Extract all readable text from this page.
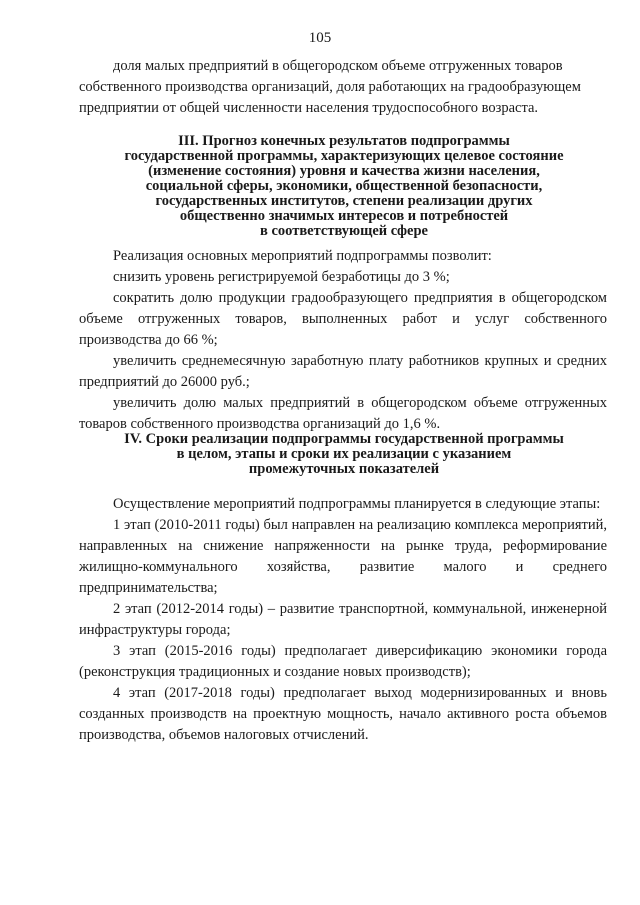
105

доля малых предприятий в общегородском объеме отгруженных товаров

собственного производства организаций, доля работающих на градообразующем

предприятии от общей численности населения трудоспособного возраста.

III. Прогноз конечных результатов подпрограммы

государственной программы, характеризующих целевое состояние

(изменение состояния) уровня и качества жизни населения,

социальной сферы, экономики, общественной безопасности,

государственных институтов, степени реализации других

общественно значимых интересов и потребностей

в соответствующей сфере

Реализация основных мероприятий подпрограммы позволит:

снизить уровень регистрируемой безработицы до 3 %;

сократить долю продукции градообразующего предприятия в общегородском объеме отгруженных товаров, выполненных работ и услуг собственного производства до 66 %;

увеличить среднемесячную заработную плату работников крупных и средних предприятий до 26000 руб.;

увеличить долю малых предприятий в общегородском объеме отгруженных товаров собственного производства организаций до 1,6 %.

IV. Сроки реализации подпрограммы государственной программы

в целом, этапы и сроки их реализации с указанием

промежуточных показателей

Осуществление мероприятий подпрограммы планируется в следующие этапы:

1 этап (2010-2011 годы) был направлен на реализацию комплекса мероприятий, направленных на снижение напряженности на рынке труда, реформирование жилищно-коммунального хозяйства, развитие малого и среднего предпринимательства;

2 этап (2012-2014 годы) – развитие транспортной, коммунальной, инженерной инфраструктуры города;

3 этап (2015-2016 годы) предполагает диверсификацию экономики города (реконструкция традиционных и создание новых производств);

4 этап (2017-2018 годы) предполагает выход модернизированных и вновь созданных производств на проектную мощность, начало активного роста объемов производства, объемов налоговых отчислений.
